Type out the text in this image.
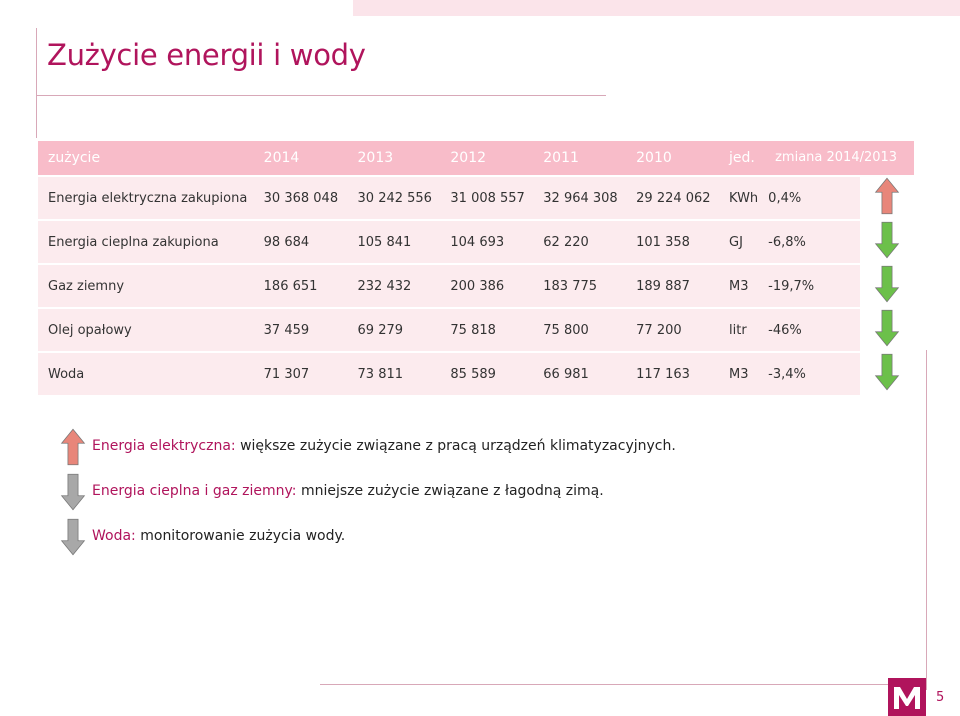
Zużycie energii i wody
zużycie	2014	2013	2012	2011	2010	jed.	zmiana 2014/2013	
Energia elektryczna zakupiona	30 368 048	30 242 556	31 008 557	32 964 308	29 224 062	KWh	0,4%	
Energia cieplna zakupiona	98 684	105 841	104 693	62 220	101 358	GJ	-6,8%	
Gaz ziemny	186 651	232 432	200 386	183 775	189 887	M3	-19,7%	
Olej opałowy	37 459	69 279	75 818	75 800	77 200	litr	-46%	
Woda	71 307	73 811	85 589	66 981	117 163	M3	-3,4%	
Energia elektryczna: większe zużycie związane z pracą urządzeń klimatyzacyjnych.
Energia cieplna i gaz ziemny: mniejsze zużycie związane z łagodną zimą.
Woda: monitorowanie zużycia wody.
5
